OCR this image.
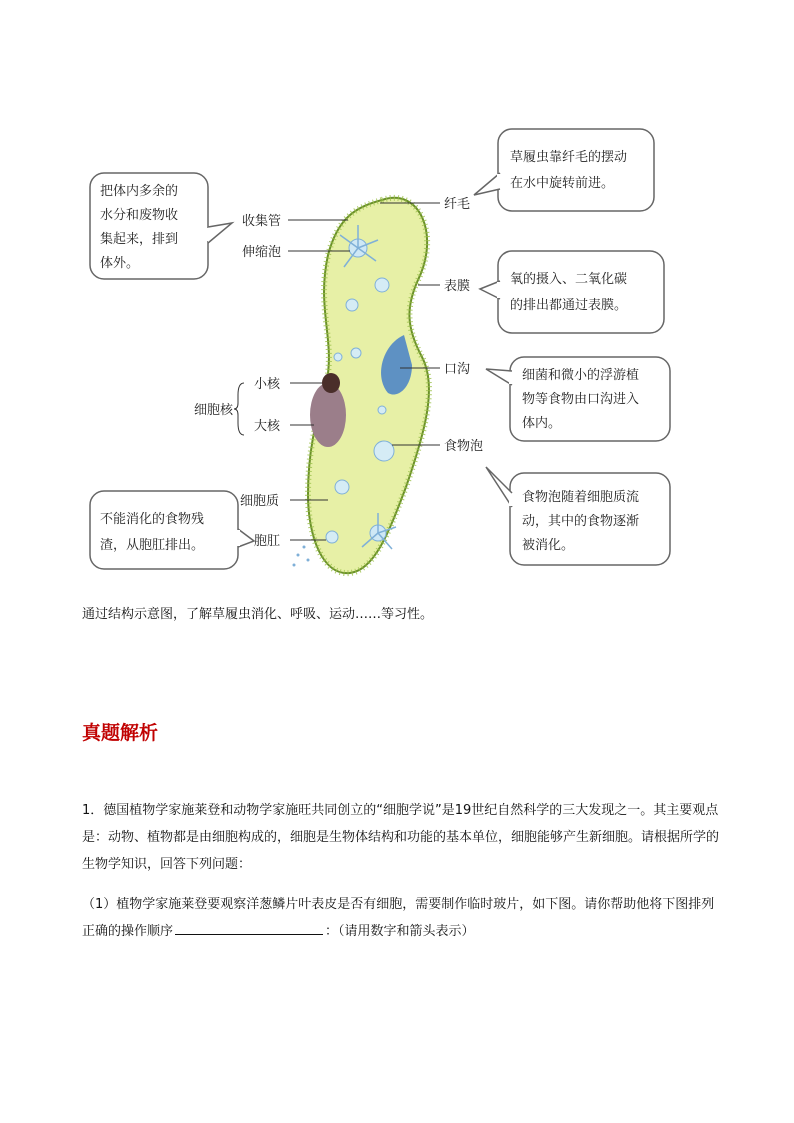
收集管
伸缩泡
纤毛
表膜
口沟
小核
细胞核
大核
食物泡
细胞质
胞肛
把体内多余的
水分和废物收
集起来，排到
体外。
草履虫靠纤毛的摆动
在水中旋转前进。
氧的摄入、二氧化碳
的排出都通过表膜。
细菌和微小的浮游植
物等食物由口沟进入
体内。
食物泡随着细胞质流
动，其中的食物逐渐
被消化。
不能消化的食物残
渣，从胞肛排出。
通过结构示意图，了解草履虫消化、呼吸、运动……等习性。
真题解析
1．德国植物学家施莱登和动物学家施旺共同创立的“细胞学说”是19世纪自然科学的三大发现之一。其主要观点是：动物、植物都是由细胞构成的，细胞是生物体结构和功能的基本单位，细胞能够产生新细胞。请根据所学的生物学知识，回答下列问题：
（1）植物学家施莱登要观察洋葱鳞片叶表皮是否有细胞，需要制作临时玻片，如下图。请你帮助他将下图排列正确的操作顺序	：（请用数字和箭头表示）
